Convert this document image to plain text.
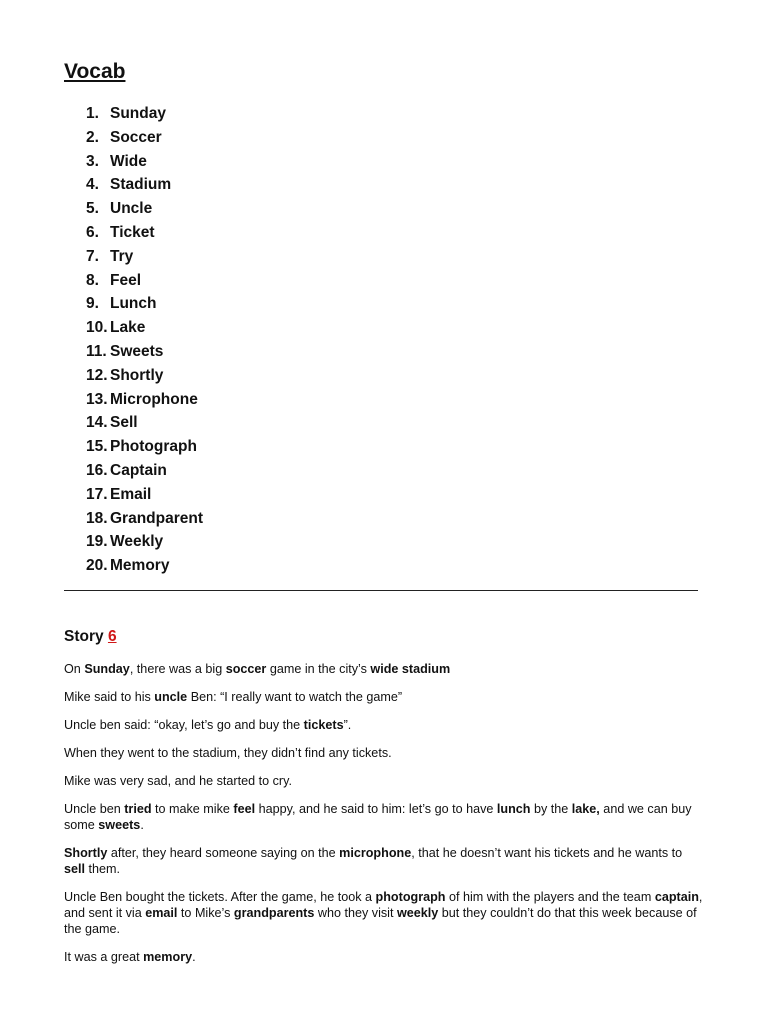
Vocab
1. Sunday
2. Soccer
3. Wide
4. Stadium
5. Uncle
6. Ticket
7. Try
8. Feel
9. Lunch
10. Lake
11. Sweets
12. Shortly
13. Microphone
14. Sell
15. Photograph
16. Captain
17. Email
18. Grandparent
19. Weekly
20. Memory
Story 6

On Sunday, there was a big soccer game in the city’s wide stadium

Mike said to his uncle Ben: “I really want to watch the game”

Uncle ben said: “okay, let’s go and buy the tickets”.

When they went to the stadium, they didn’t find any tickets.

Mike was very sad, and he started to cry.

Uncle ben tried to make mike feel happy, and he said to him: let’s go to have lunch by the lake, and we can buy some sweets.

Shortly after, they heard someone saying on the microphone, that he doesn’t want his tickets and he wants to sell them.

Uncle Ben bought the tickets. After the game, he took a photograph of him with the players and the team captain, and sent it via email to Mike’s grandparents who they visit weekly but they couldn’t do that this week because of the game.

It was a great memory.
